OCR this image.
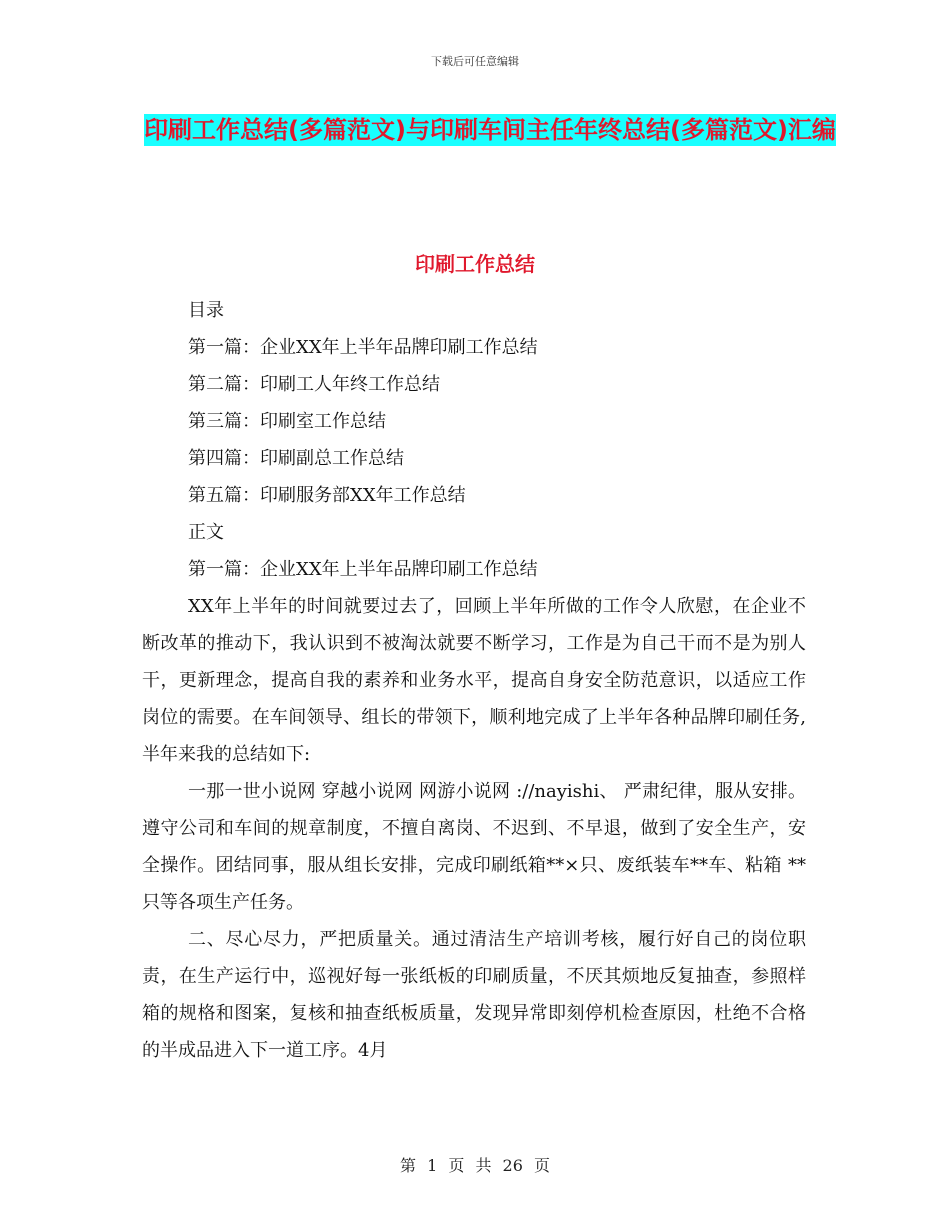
下载后可任意编辑
印刷工作总结(多篇范文)与印刷车间主任年终总结(多篇范文)汇编
印刷工作总结
目录
第一篇：企业XX年上半年品牌印刷工作总结
第二篇：印刷工人年终工作总结
第三篇：印刷室工作总结
第四篇：印刷副总工作总结
第五篇：印刷服务部XX年工作总结
正文
第一篇：企业XX年上半年品牌印刷工作总结

XX年上半年的时间就要过去了，回顾上半年所做的工作令人欣慰，在企业不断改革的推动下，我认识到不被淘汰就要不断学习，工作是为自己干而不是为别人干，更新理念，提高自我的素养和业务水平，提高自身安全防范意识，以适应工作岗位的需要。在车间领导、组长的带领下，顺利地完成了上半年各种品牌印刷任务,半年来我的总结如下:

一那一世小说网 穿越小说网 网游小说网 ://nayishi、 严肃纪律，服从安排。遵守公司和车间的规章制度，不擅自离岗、不迟到、不早退，做到了安全生产，安全操作。团结同事，服从组长安排，完成印刷纸箱**×只、废纸装车**车、粘箱 **只等各项生产任务。

二、尽心尽力，严把质量关。通过清洁生产培训考核，履行好自己的岗位职责，在生产运行中，巡视好每一张纸板的印刷质量，不厌其烦地反复抽查，参照样箱的规格和图案，复核和抽查纸板质量，发现异常即刻停机检查原因，杜绝不合格的半成品进入下一道工序。4月

第 1 页 共 26 页
